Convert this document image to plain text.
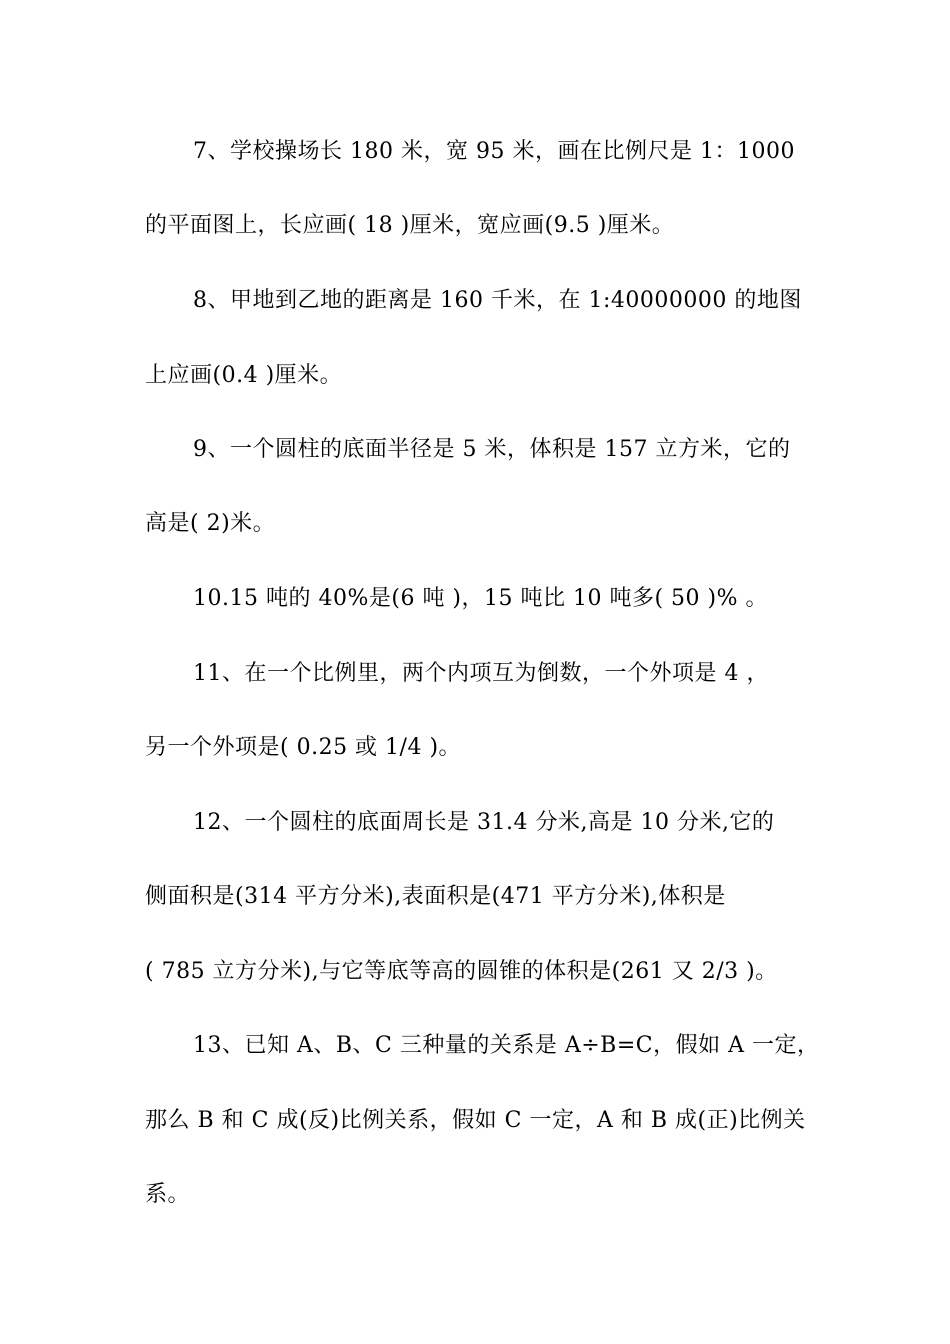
7、学校操场长 180 米，宽 95 米，画在比例尺是 1：1000
的平面图上，长应画( 18 )厘米，宽应画(9.5 )厘米。
8、甲地到乙地的距离是 160 千米，在 1:40000000 的地图
上应画(0.4 )厘米。
9、一个圆柱的底面半径是 5 米，体积是 157 立方米，它的
高是( 2)米。
10.15 吨的 40%是(6 吨 )，15 吨比 10 吨多( 50 )% 。
11、在一个比例里，两个内项互为倒数，一个外项是 4 ，
另一个外项是( 0.25 或 1/4 )。
12、一个圆柱的底面周长是 31.4 分米,高是 10 分米,它的
侧面积是(314 平方分米),表面积是(471 平方分米),体积是
( 785 立方分米),与它等底等高的圆锥的体积是(261 又 2/3 )。
13、已知 A、B、C 三种量的关系是 A÷B=C，假如 A 一定，
那么 B 和 C 成(反)比例关系，假如 C 一定，A 和 B 成(正)比例关
系。
